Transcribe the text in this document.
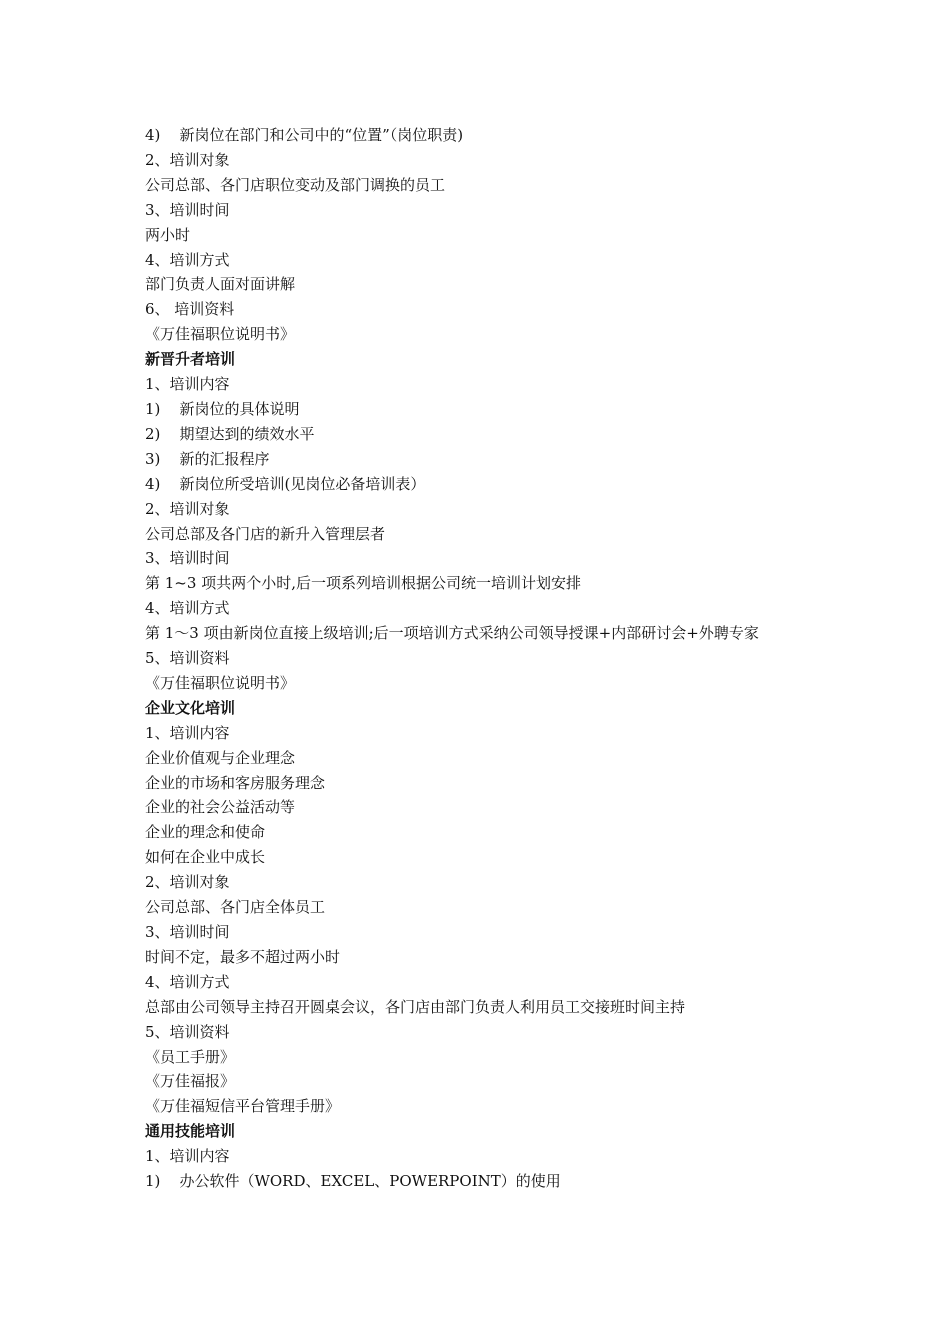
4)    新岗位在部门和公司中的“位置”（岗位职责)
2、培训对象
公司总部、各门店职位变动及部门调换的员工
3、培训时间
两小时
4、培训方式
部门负责人面对面讲解
6、 培训资料
《万佳福职位说明书》
新晋升者培训
1、培训内容
1)    新岗位的具体说明
2)    期望达到的绩效水平
3)    新的汇报程序
4)    新岗位所受培训(见岗位必备培训表）
2、培训对象
公司总部及各门店的新升入管理层者
3、培训时间
第 1~3 项共两个小时,后一项系列培训根据公司统一培训计划安排
4、培训方式
第 1～3 项由新岗位直接上级培训;后一项培训方式采纳公司领导授课+内部研讨会+外聘专家
5、培训资料
《万佳福职位说明书》
企业文化培训
1、培训内容
企业价值观与企业理念
企业的市场和客房服务理念
企业的社会公益活动等
企业的理念和使命
如何在企业中成长
2、培训对象
公司总部、各门店全体员工
3、培训时间
时间不定，最多不超过两小时
4、培训方式
总部由公司领导主持召开圆桌会议，各门店由部门负责人利用员工交接班时间主持
5、培训资料
《员工手册》
《万佳福报》
《万佳福短信平台管理手册》
通用技能培训
1、培训内容
1)    办公软件（WORD、EXCEL、POWERPOINT）的使用
